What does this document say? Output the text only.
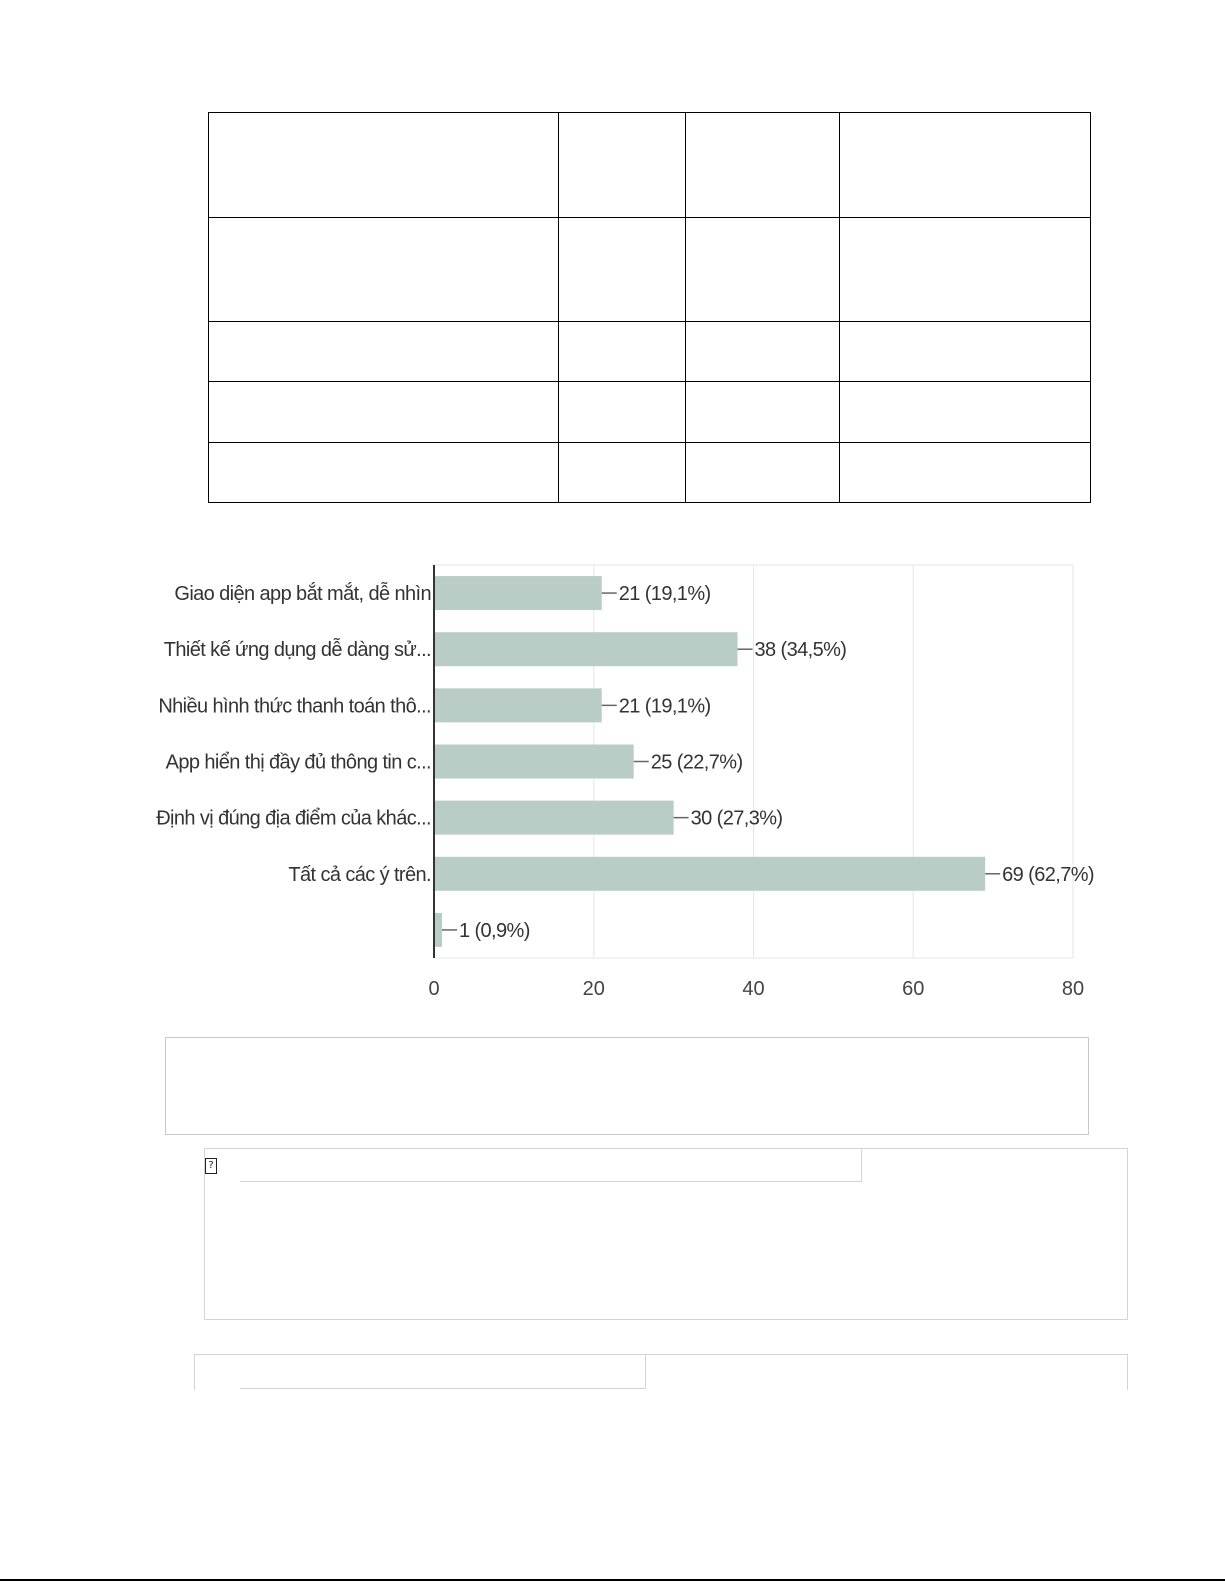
21 (19,1%)
Giao diện app bắt mắt, dễ nhìn
38 (34,5%)
Thiết kế ứng dụng dễ dàng sử...
21 (19,1%)
Nhiều hình thức thanh toán thô...
25 (22,7%)
App hiển thị đầy đủ thông tin c...
30 (27,3%)
Định vị đúng địa điểm của khác...
69 (62,7%)
Tất cả các ý trên.
1 (0,9%)
0	20	40	60	80
?
